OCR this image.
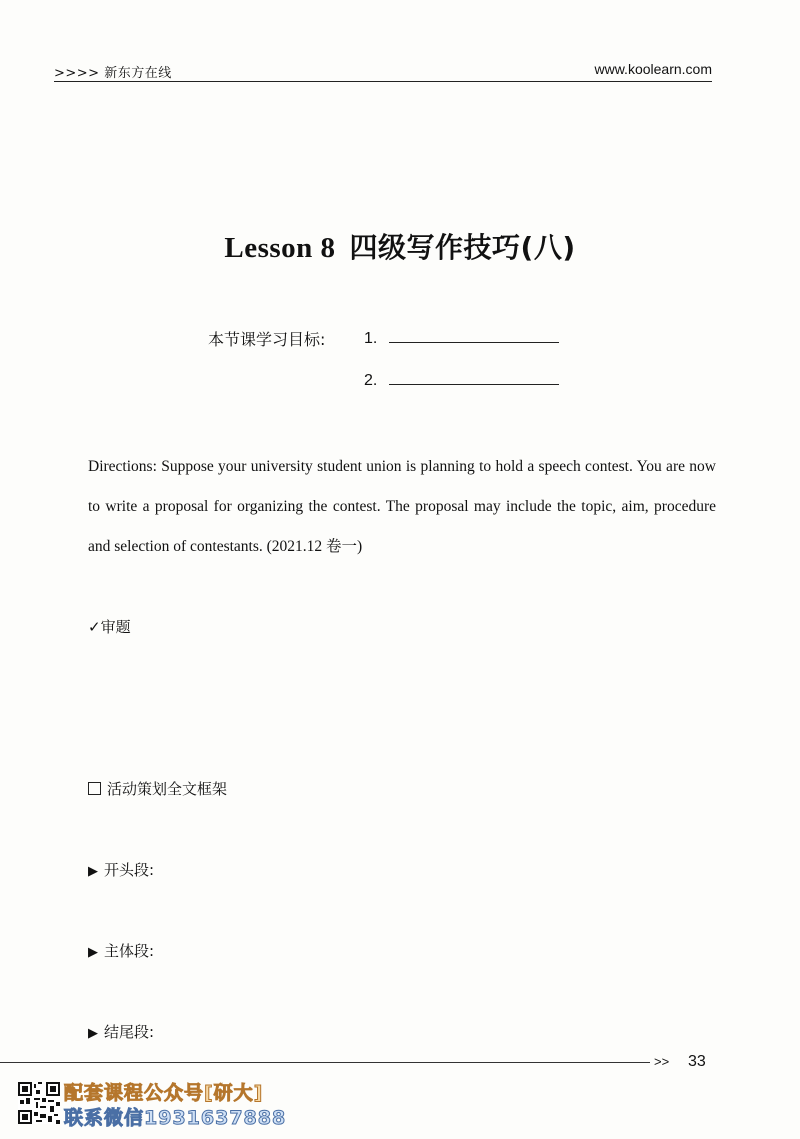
>>>> 新东方在线	www.koolearn.com
Lesson 8 四级写作技巧(八)
本节课学习目标: 1.
2.
Directions: Suppose your university student union is planning to hold a speech contest. You are now to write a proposal for organizing the contest. The proposal may include the topic, aim, procedure and selection of contestants. (2021.12 卷一)
✓审题
活动策划全文框架
▶ 开头段:
▶ 主体段:
▶ 结尾段:
>> 33
配套课程公众号[研大]
联系微信1931637888
